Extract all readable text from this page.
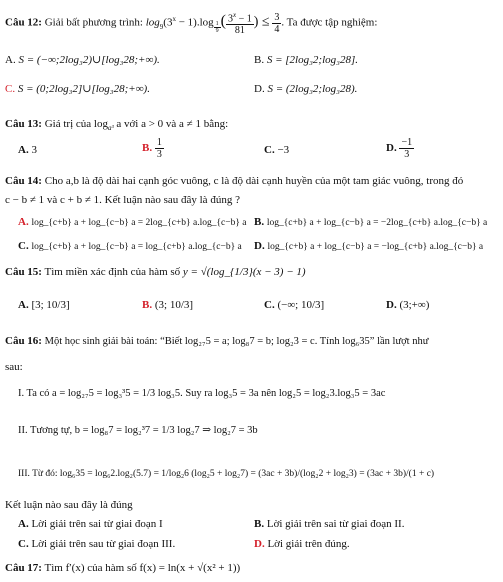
Câu 12: Giải bất phương trình: $\log_9(3^x - 1).\log$ $_{\frac{1}{9}}$ ( $\frac{3^x - 1}{81}$ ) ≤ $\frac{3}{4}$ . Ta được tập nghiệm:
A. S = (−∞;2log₃2)∪[log₃28;+∞).	B. S = [2log₃2;log₃28].
C. S = (0;2log₃2]∪[log₃28;+∞).	D. S = (2log₃2;log₃28).
Câu 13: Giá trị của $\log_{a^3} a$ với a > 0 và a ≠ 1 bằng:
A. 3	B. $\frac{1}{3}$	C. −3	D. $\frac{-1}{3}$
Câu 14: Cho a,b là độ dài hai cạnh góc vuông, c là độ dài cạnh huyền của một tam giác vuông, trong đó
c − b ≠ 1 và c + b ≠ 1. Kết luận nào sau đây là đúng ?
A. log_{c+b} a + log_{c−b} a = 2log_{c+b} a.log_{c−b} a B. log_{c+b} a + log_{c−b} a = −2log_{c+b} a.log_{c−b} a
C. log_{c+b} a + log_{c−b} a = log_{c+b} a.log_{c−b} a D. log_{c+b} a + log_{c−b} a = −log_{c+b} a.log_{c−b} a
Câu 15: Tìm miền xác định của hàm số y = √(log_{1/3}(x − 3) − 1)
A. [3; 10/3]	B. (3; 10/3]	C. (−∞; 10/3]	D. (3;+∞)
Câu 16: Một học sinh giải bài toán: “Biết log₂₇5 = a; log₈7 = b; log₂3 = c. Tính log₆35” lần lượt như
sau:
I. Ta có a = log₂₇5 = log₃³5 = 1/3 log₃5. Suy ra log₃5 = 3a nên log₂5 = log₂3.log₃5 = 3ac
II. Tương tự, b = log₈7 = log₂³7 = 1/3 log₂7 ⇒ log₂7 = 3b
III. Từ đó: log₆35 = log₆2.log₂(5.7) = 1/log₂6 (log₂5 + log₂7) = (3ac + 3b)/(log₂2 + log₂3) = (3ac + 3b)/(1 + c)
Kết luận nào sau đây là đúng
A. Lời giải trên sai từ giai đoạn I	B. Lời giải trên sai từ giai đoạn II.
C. Lời giải trên sau từ giai đoạn III.	D. Lời giải trên đúng.
Câu 17: Tìm f′(x) của hàm số f(x) = ln(x + √(x² + 1))
